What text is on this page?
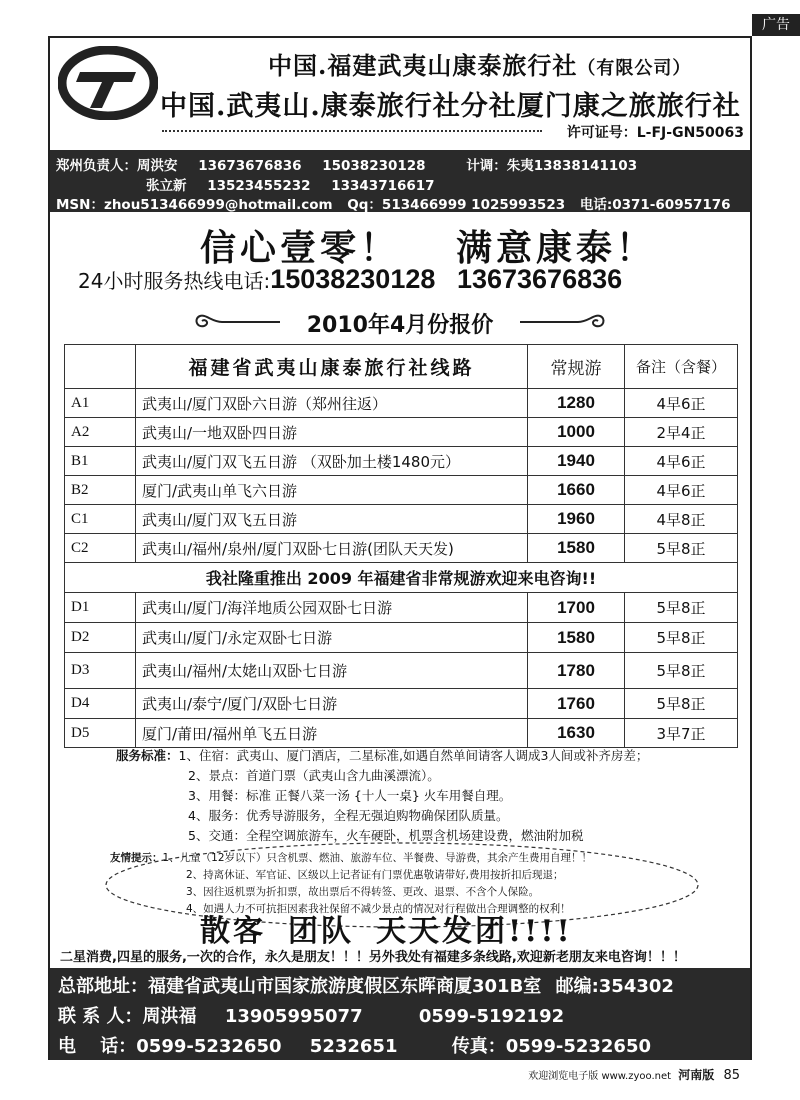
广告
中国.福建武夷山康泰旅行社（有限公司）
中国.武夷山.康泰旅行社分社厦门康之旅旅行社
许可证号：L-FJ-GN50063
郑州负责人：周洪安 13673676836 15038230128	计调：朱夷13838141103
张立新 13523455232 13343716617
MSN：zhou513466999@hotmail.com Qq：513466999 1025993523 电话:0371-60957176
信心壹零！ 满意康泰！
24小时服务热线电话:15038230128 13673676836
2010年4月份报价
	福建省武夷山康泰旅行社线路	常规游	备注（含餐）
A1	武夷山/厦门双卧六日游（郑州往返）	1280	4早6正
A2	武夷山/一地双卧四日游	1000	2早4正
B1	武夷山/厦门双飞五日游 （双卧加土楼1480元）	1940	4早6正
B2	厦门/武夷山单飞六日游	1660	4早6正
C1	武夷山/厦门双飞五日游	1960	4早8正
C2	武夷山/福州/泉州/厦门双卧七日游(团队天天发)	1580	5早8正
我社隆重推出 2009 年福建省非常规游欢迎来电咨询!!			
D1	武夷山/厦门/海洋地质公园双卧七日游	1700	5早8正
D2	武夷山/厦门/永定双卧七日游	1580	5早8正
D3	武夷山/福州/太姥山双卧七日游	1780	5早8正
D4	武夷山/泰宁/厦门/双卧七日游	1760	5早8正
D5	厦门/莆田/福州单飞五日游	1630	3早7正
服务标准：1、住宿：武夷山、厦门酒店，二星标准,如遇自然单间请客人调成3人间或补齐房差；
2、景点：首道门票（武夷山含九曲溪漂流）。
3、用餐：标准 正餐八菜一汤 {十人一桌} 火车用餐自理。
4、服务：优秀导游服务，全程无强迫购物确保团队质量。
5、交通：全程空调旅游车，火车硬卧，机票含机场建设费，燃油附加税
友情提示：1、儿童（12岁以下）只含机票、燃油、旅游车位、半餐费、导游费，其余产生费用自理！！
2、持离休证、军官证、区级以上记者证有门票优惠敬请带好,费用按折扣后现退；
3、因往返机票为折扣票，故出票后不得转签、更改、退票、不含个人保险。
4、如遇人力不可抗拒因素我社保留不减少景点的情况对行程做出合理调整的权利！
散客 团队 天天发团!!!!
二星消费,四星的服务,一次的合作，永久是朋友！！！另外我处有福建多条线路,欢迎新老朋友来电咨询！！！
总部地址：福建省武夷山市国家旅游度假区东晖商厦301B室 邮编:354302
联 系 人：周洪福 13905995077	0599-5192192
电　 话：0599-5232650 5232651	传真：0599-5232650
欢迎浏览电子版 www.zyoo.net 河南版 85
